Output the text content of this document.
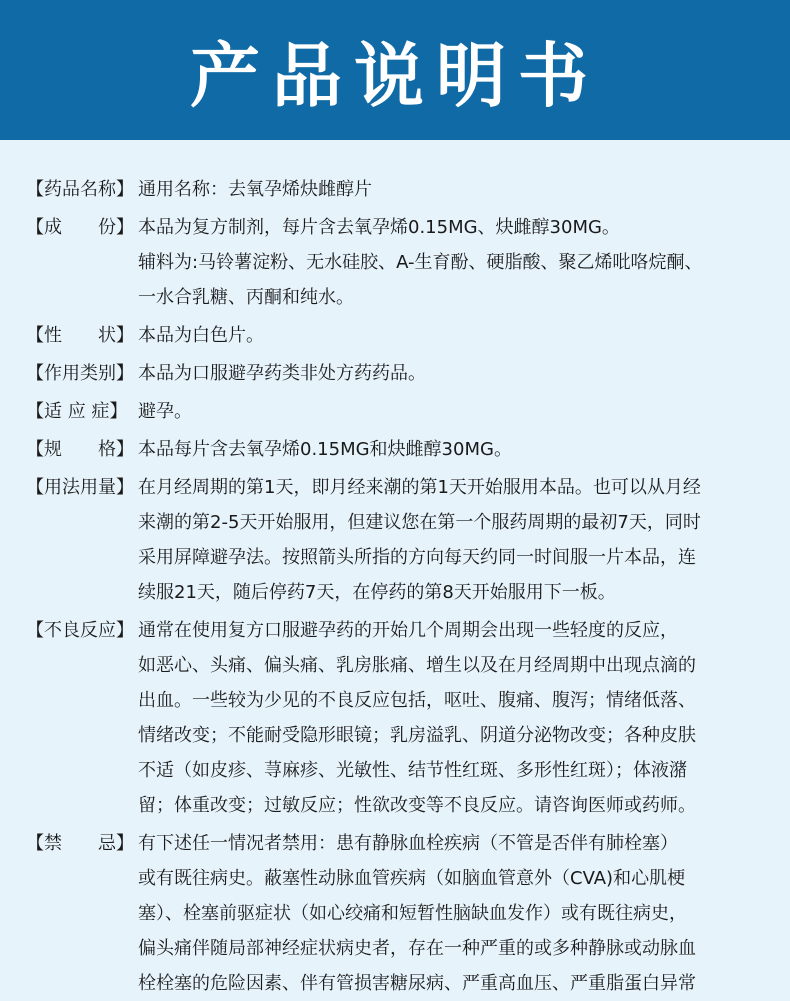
产品说明书
【药品名称】 通用名称：去氧孕烯炔雌醇片
【成　　份】 本品为复方制剂，每片含去氧孕烯0.15MG、炔雌醇30MG。
辅料为:马铃薯淀粉、无水硅胶、A-生育酚、硬脂酸、聚乙烯吡咯烷酮、
一水合乳糖、丙酮和纯水。
【性　　状】 本品为白色片。
【作用类别】 本品为口服避孕药类非处方药药品。
【适 应 症】 避孕。
【规　　格】 本品每片含去氧孕烯0.15MG和炔雌醇30MG。
【用法用量】 在月经周期的第1天，即月经来潮的第1天开始服用本品。也可以从月经
来潮的第2-5天开始服用，但建议您在第一个服药周期的最初7天，同时
采用屏障避孕法。按照箭头所指的方向每天约同一时间服一片本品，连
续服21天，随后停药7天，在停药的第8天开始服用下一板。
【不良反应】 通常在使用复方口服避孕药的开始几个周期会出现一些轻度的反应，
如恶心、头痛、偏头痛、乳房胀痛、增生以及在月经周期中出现点滴的
出血。一些较为少见的不良反应包括，呕吐、腹痛、腹泻；情绪低落、
情绪改变；不能耐受隐形眼镜；乳房溢乳、阴道分泌物改变；各种皮肤
不适（如皮疹、荨麻疹、光敏性、结节性红斑、多形性红斑）；体液潴
留；体重改变；过敏反应；性欲改变等不良反应。请咨询医师或药师。
【禁　　忌】 有下述任一情况者禁用：患有静脉血栓疾病（不管是否伴有肺栓塞）
或有既往病史。蔽塞性动脉血管疾病（如脑血管意外（CVA)和心肌梗
塞）、栓塞前驱症状（如心绞痛和短暂性脑缺血发作）或有既往病史，
偏头痛伴随局部神经症状病史者，存在一种严重的或多种静脉或动脉血
栓栓塞的危险因素、伴有管损害糖尿病、严重高血压、严重脂蛋白异常
